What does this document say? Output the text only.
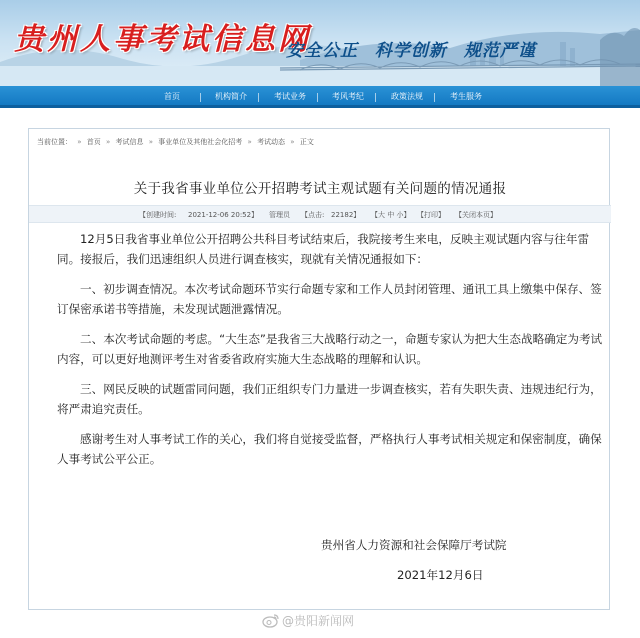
贵州人事考试信息网
安全公正 科学创新 规范严谨
首页	机构简介	考试业务	考风考纪	政策法规	考生服务
当前位置： » 首页 » 考试信息 » 事业单位及其他社会化招考 » 考试动态 » 正文
关于我省事业单位公开招聘考试主观试题有关问题的情况通报
【创建时间: 2021-12-06 20:52】 管理员 【点击: 22182】 【大 中 小】 【打印】 【关闭本页】

12月5日我省事业单位公开招聘公共科目考试结束后，我院接考生来电，反映主观试题内容与往年雷同。接报后，我们迅速组织人员进行调查核实，现就有关情况通报如下：

一、初步调查情况。本次考试命题环节实行命题专家和工作人员封闭管理、通讯工具上缴集中保存、签订保密承诺书等措施，未发现试题泄露情况。

二、本次考试命题的考虑。“大生态”是我省三大战略行动之一，命题专家认为把大生态战略确定为考试内容，可以更好地测评考生对省委省政府实施大生态战略的理解和认识。

三、网民反映的试题雷同问题，我们正组织专门力量进一步调查核实，若有失职失责、违规违纪行为，将严肃追究责任。

感谢考生对人事考试工作的关心，我们将自觉接受监督，严格执行人事考试相关规定和保密制度，确保人事考试公平公正。

贵州省人力资源和社会保障厅考试院
2021年12月6日
@贵阳新闻网
